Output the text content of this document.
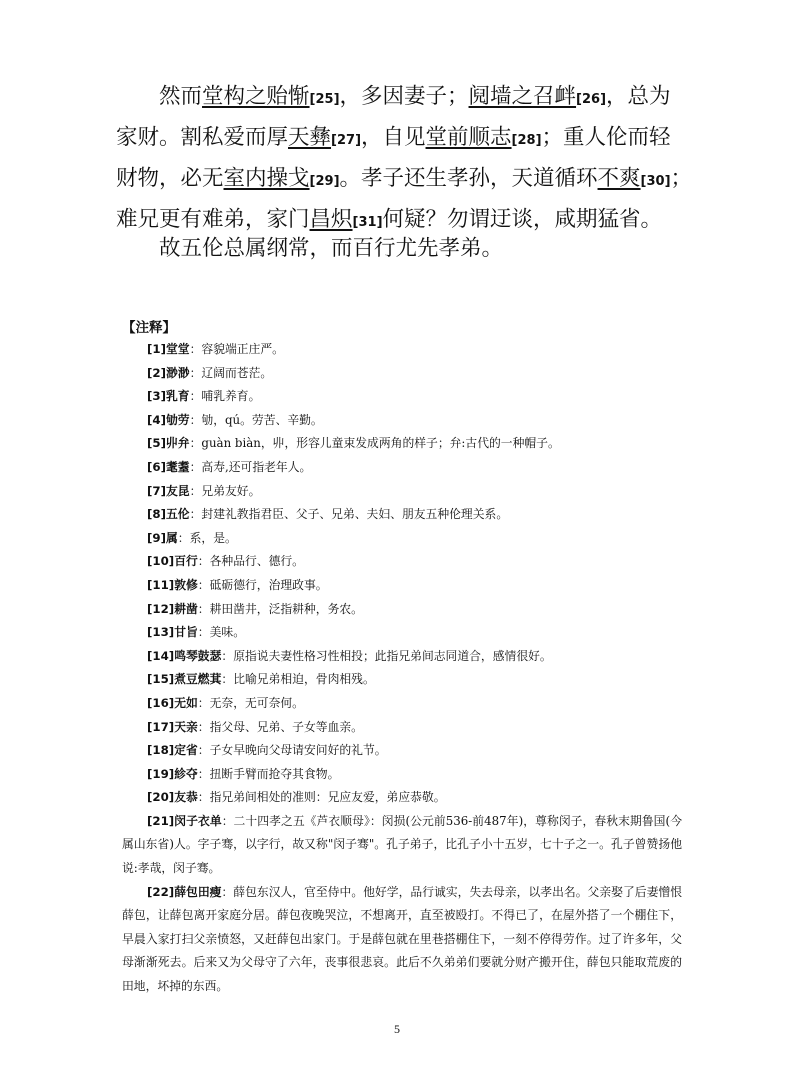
然而堂构之贻惭[25]，多因妻子；阋墙之召衅[26]，总为
家财。割私爱而厚天彝[27]，自见堂前顺志[28]；重人伦而轻
财物，必无室内操戈[29]。孝子还生孝孙，天道循环不爽[30]；
难兄更有难弟，家门昌炽[31]何疑？勿谓迂谈，咸期猛省。
故五伦总属纲常，而百行尤先孝弟。
【注释】
[1]堂堂：容貌端正庄严。
[2]渺渺：辽阔而苍茫。
[3]乳育：哺乳养育。
[4]劬劳：劬，qú。劳苦、辛勤。
[5]丱弁：guàn biàn，丱，形容儿童束发成两角的样子；弁:古代的一种帽子。
[6]耄耋：高寿,还可指老年人。
[7]友昆：兄弟友好。
[8]五伦：封建礼教指君臣、父子、兄弟、夫妇、朋友五种伦理关系。
[9]属：系，是。
[10]百行：各种品行、德行。
[11]敦修：砥砺德行，治理政事。
[12]耕凿：耕田凿井，泛指耕种，务农。
[13]甘旨：美味。
[14]鸣琴鼓瑟：原指说夫妻性格习性相投；此指兄弟间志同道合，感情很好。
[15]煮豆燃萁：比喻兄弟相迫，骨肉相残。
[16]无如：无奈，无可奈何。
[17]天亲：指父母、兄弟、子女等血亲。
[18]定省：子女早晚向父母请安问好的礼节。
[19]紾夺：扭断手臂而抢夺其食物。
[20]友恭：指兄弟间相处的准则：兄应友爱，弟应恭敬。
[21]闵子衣单：二十四孝之五《芦衣顺母》：闵损(公元前536-前487年)，尊称闵子，春秋末期鲁国(今属山东省)人。字子骞，以字行，故又称"闵子骞"。孔子弟子，比孔子小十五岁，七十子之一。孔子曾赞扬他说:孝哉，闵子骞。
[22]薛包田瘦：薛包东汉人，官至侍中。他好学，品行诚实，失去母亲，以孝出名。父亲娶了后妻憎恨薛包，让薛包离开家庭分居。薛包夜晚哭泣，不想离开，直至被殴打。不得已了，在屋外搭了一个棚住下，早晨入家打扫父亲愤怒，又赶薛包出家门。于是薛包就在里巷搭棚住下，一刻不停得劳作。过了许多年，父母渐渐死去。后来又为父母守了六年，丧事很悲哀。此后不久弟弟们要就分财产搬开住，薛包只能取荒废的田地，坏掉的东西。
5
